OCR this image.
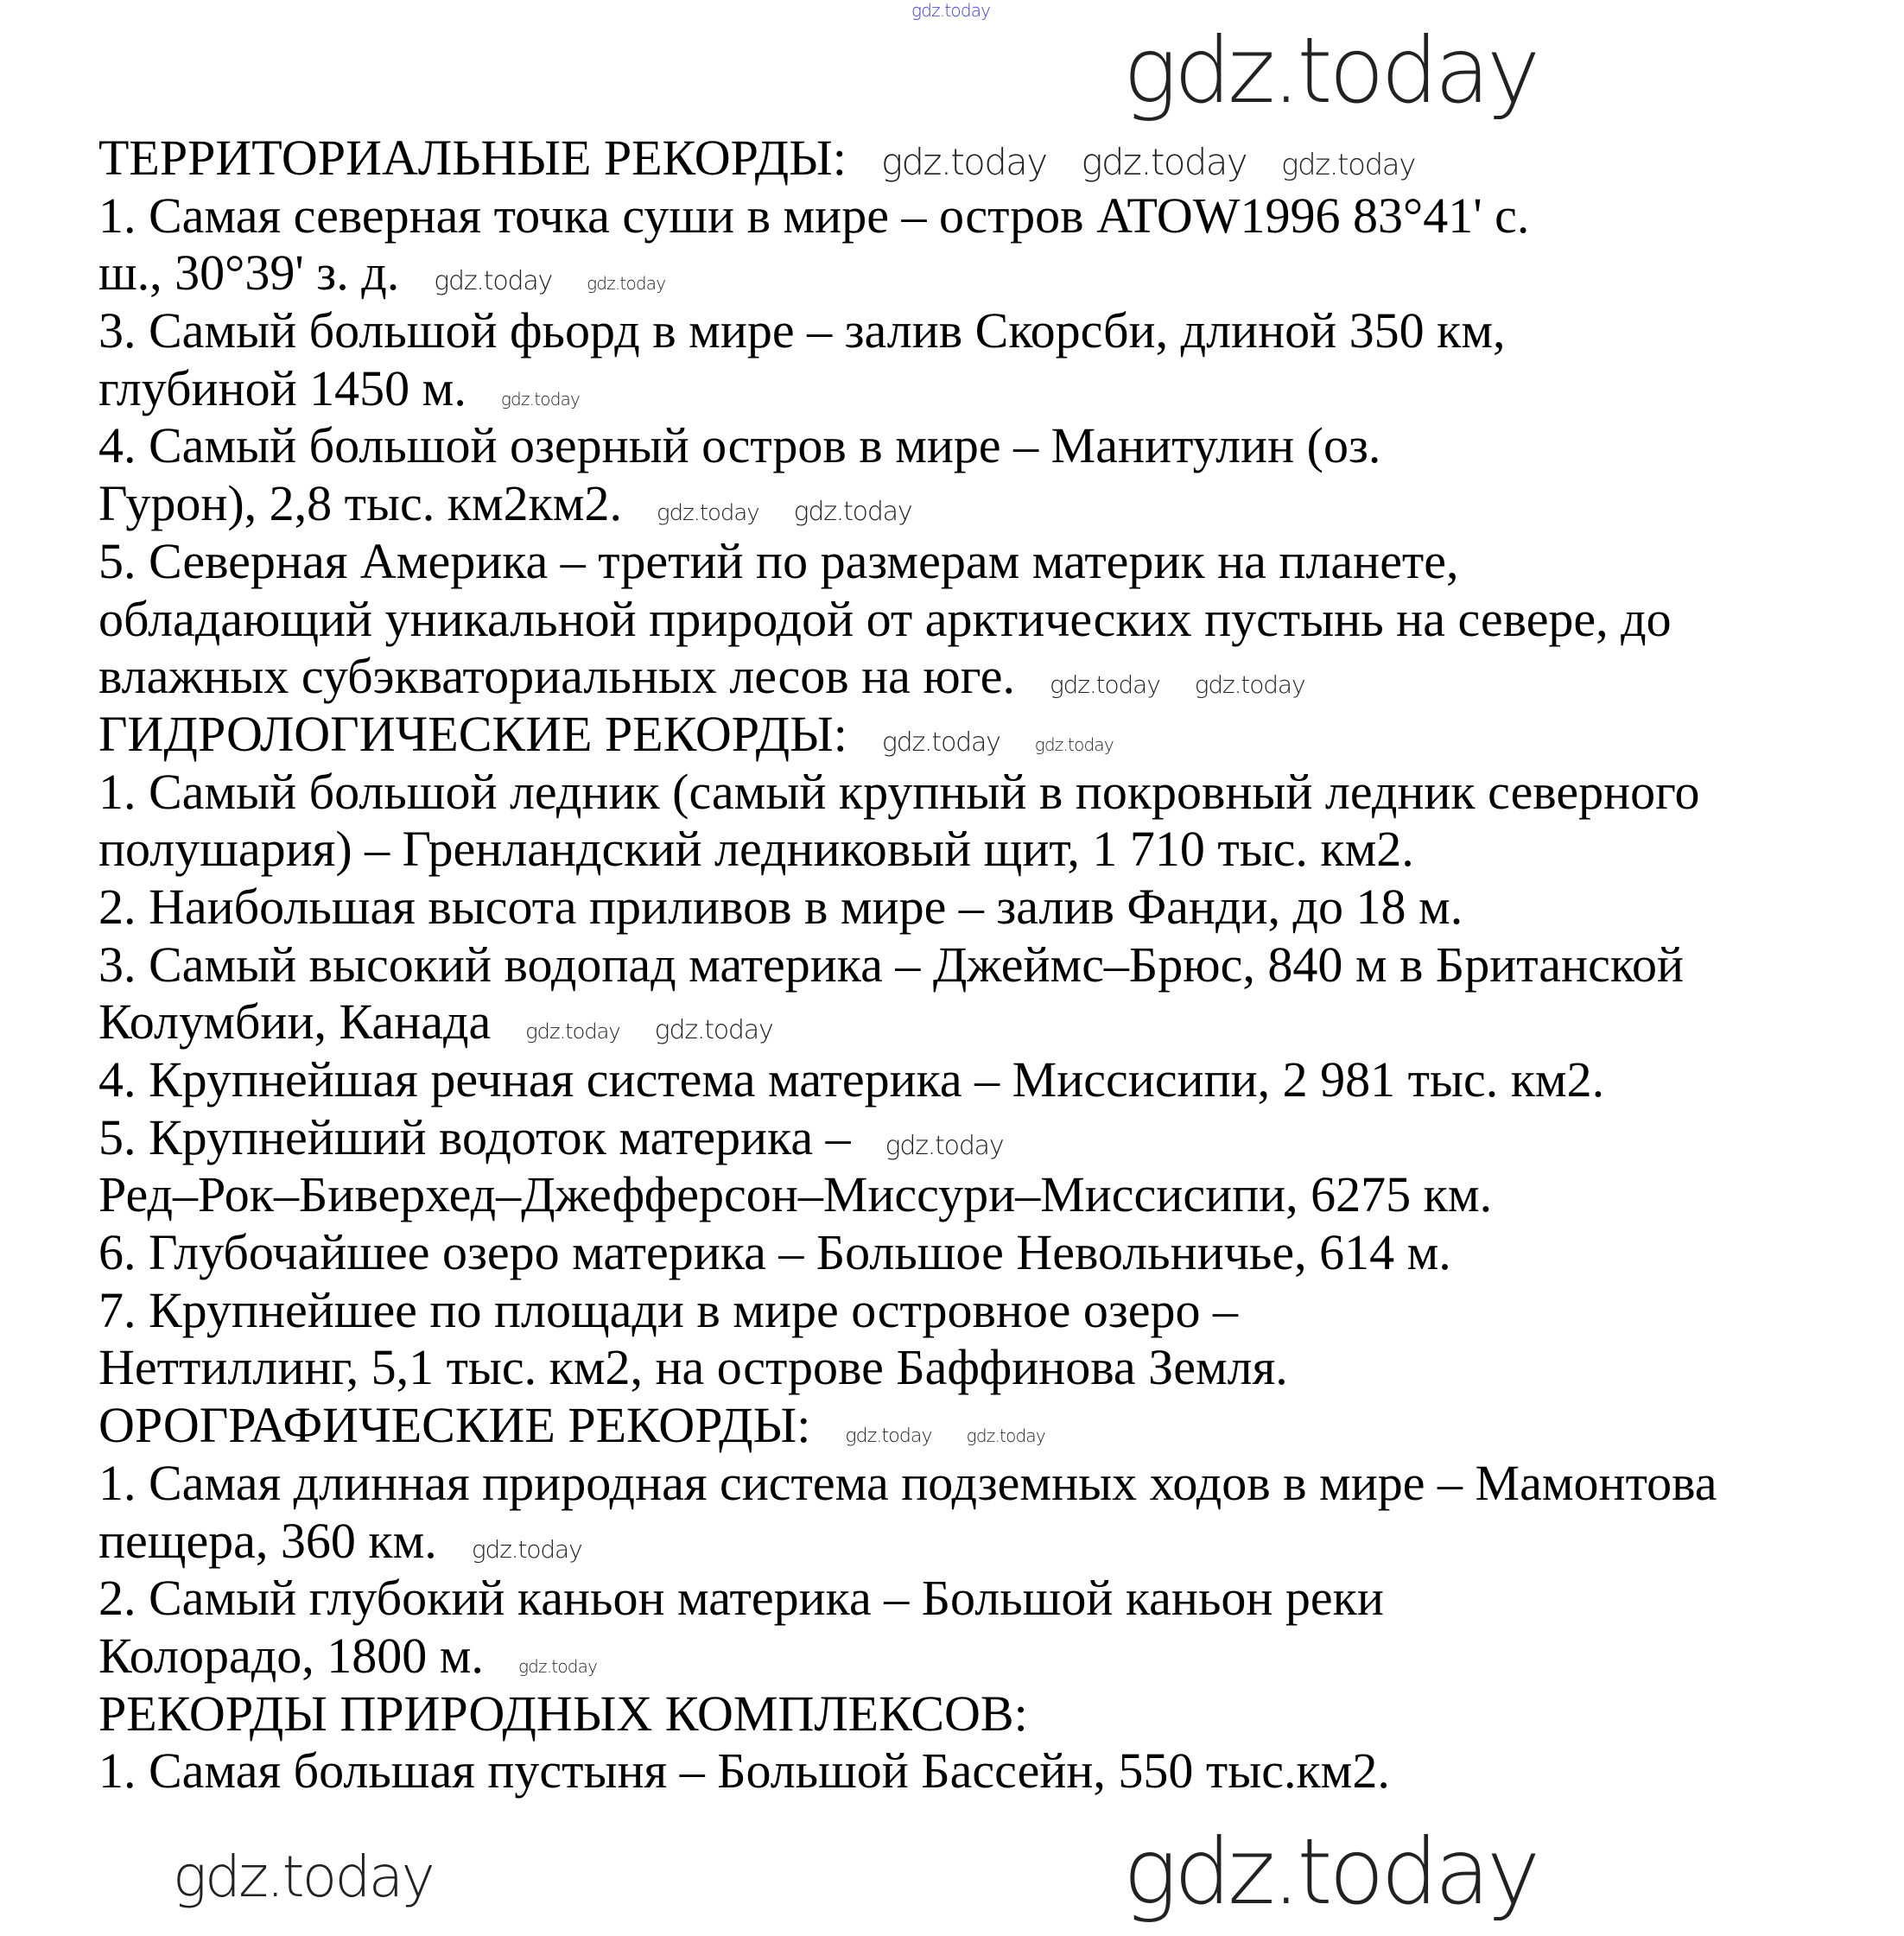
gdz.today
gdz.today
ТЕРРИТОРИАЛЬНЫЕ РЕКОРДЫ: gdz.today gdz.today gdz.today
1. Самая северная точка суши в мире – остров ATOW1996 83°41' с.
ш., 30°39' з. д. gdz.today gdz.today
3. Самый большой фьорд в мире – залив Скорсби, длиной 350 км,
глубиной 1450 м. gdz.today
4. Самый большой озерный остров в мире – Манитулин (оз.
Гурон), 2,8 тыс. км2км2. gdz.today gdz.today
5. Северная Америка – третий по размерам материк на планете,
обладающий уникальной природой от арктических пустынь на севере, до
влажных субэкваториальных лесов на юге. gdz.today gdz.today
ГИДРОЛОГИЧЕСКИЕ РЕКОРДЫ: gdz.today gdz.today
1. Самый большой ледник (самый крупный в покровный ледник северного
полушария) – Гренландский ледниковый щит, 1 710 тыс. км2.
2. Наибольшая высота приливов в мире – залив Фанди, до 18 м.
3. Самый высокий водопад материка – Джеймс–Брюс, 840 м в Британской
Колумбии, Канада gdz.today gdz.today
4. Крупнейшая речная система материка – Миссисипи, 2 981 тыс. км2.
5. Крупнейший водоток материка – gdz.today
Ред–Рок–Биверхед–Джефферсон–Миссури–Миссисипи, 6275 км.
6. Глубочайшее озеро материка – Большое Невольничье, 614 м.
7. Крупнейшее по площади в мире островное озеро –
Неттиллинг, 5,1 тыс. км2, на острове Баффинова Земля.
ОРОГРАФИЧЕСКИЕ РЕКОРДЫ: gdz.today gdz.today
1. Самая длинная природная система подземных ходов в мире – Мамонтова
пещера, 360 км. gdz.today
2. Самый глубокий каньон материка – Большой каньон реки
Колорадо, 1800 м. gdz.today
РЕКОРДЫ ПРИРОДНЫХ КОМПЛЕКСОВ:
1. Самая большая пустыня – Большой Бассейн, 550 тыс.км2.
gdz.today	gdz.today
